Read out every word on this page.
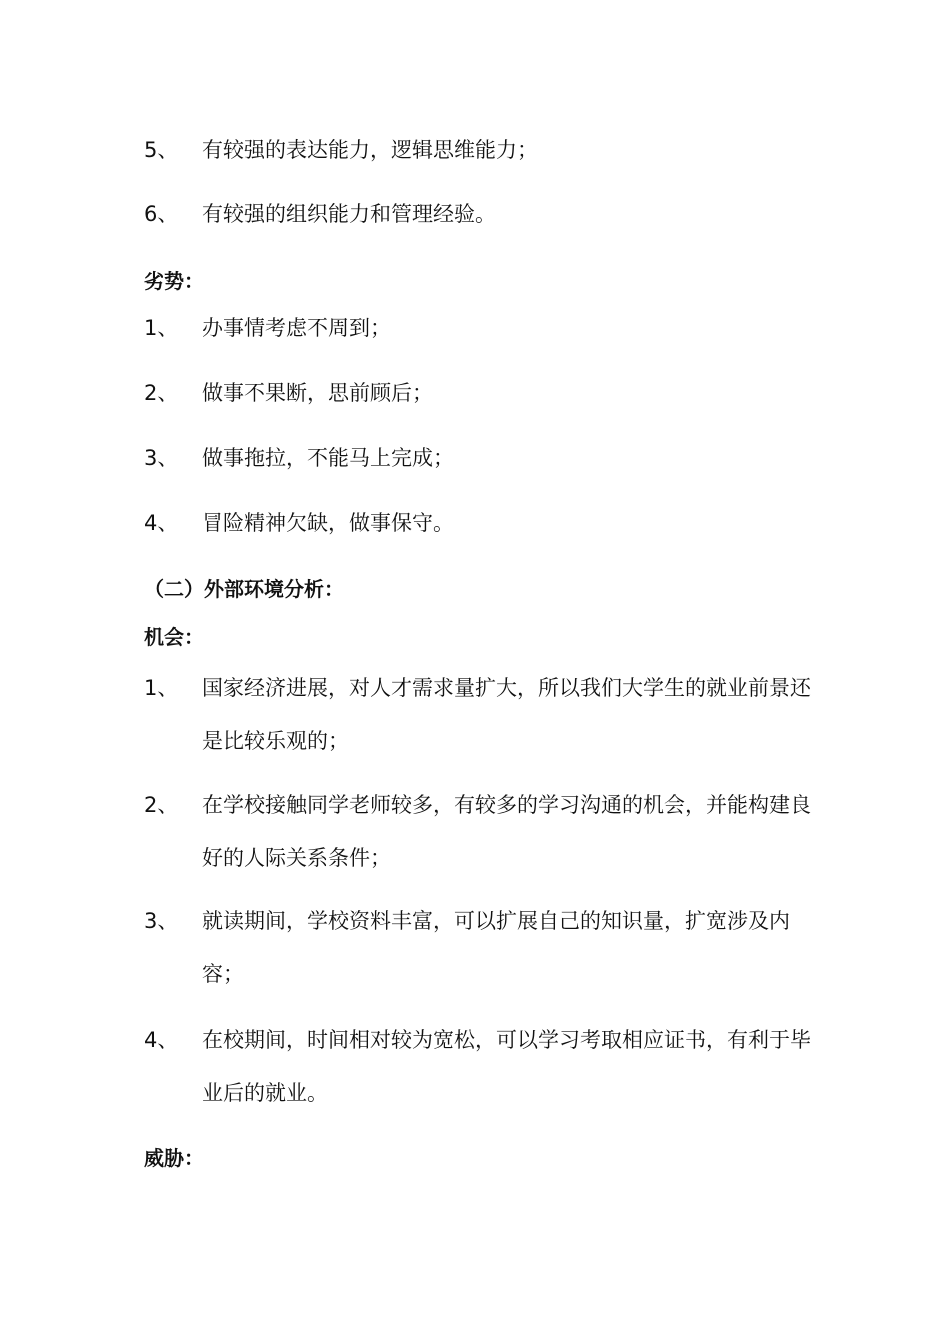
5、	有较强的表达能力，逻辑思维能力；
6、	有较强的组织能力和管理经验。
劣势：
1、	办事情考虑不周到；
2、	做事不果断，思前顾后；
3、	做事拖拉，不能马上完成；
4、	冒险精神欠缺，做事保守。
（二）外部环境分析：
机会：
1、	国家经济进展，对人才需求量扩大，所以我们大学生的就业前景还是比较乐观的；
2、	在学校接触同学老师较多，有较多的学习沟通的机会，并能构建良好的人际关系条件；
3、	就读期间，学校资料丰富，可以扩展自己的知识量，扩宽涉及内容；
4、	在校期间，时间相对较为宽松，可以学习考取相应证书，有利于毕业后的就业。
威胁：
